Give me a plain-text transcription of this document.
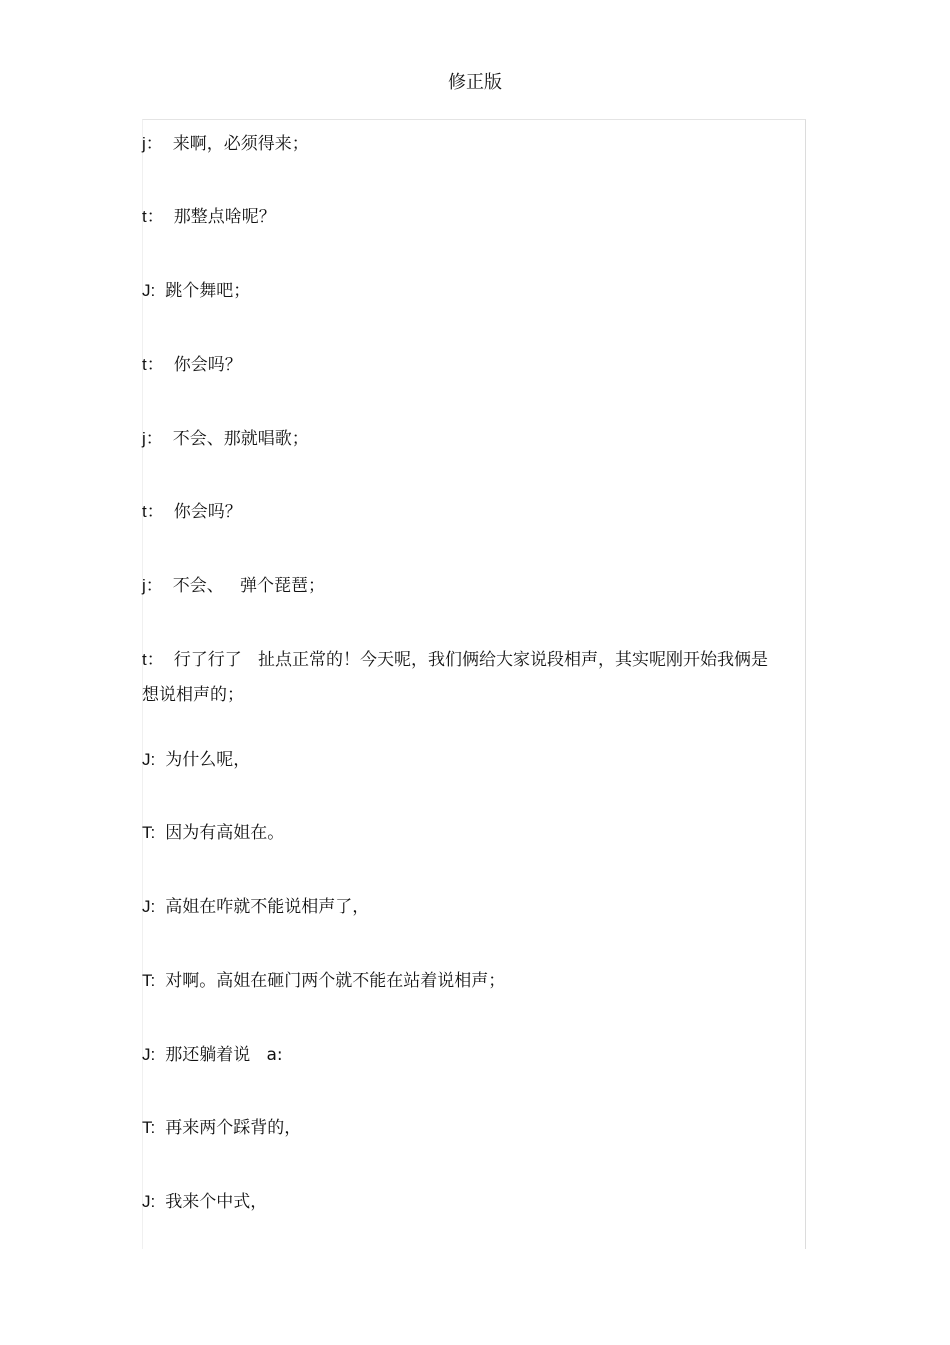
修正版
j： 来啊，必须得来；
t： 那整点啥呢？
J: 跳个舞吧；
t： 你会吗？
j： 不会、那就唱歌；
t： 你会吗？
j： 不会、   弹个琵琶；
t： 行了行了   扯点正常的！今天呢，我们俩给大家说段相声，其实呢刚开始我俩是想说相声的；
J: 为什么呢，
T: 因为有高姐在。
J: 高姐在咋就不能说相声了，
T: 对啊。高姐在砸门两个就不能在站着说相声；
J: 那还躺着说   a:
T: 再来两个踩背的，
J: 我来个中式，
